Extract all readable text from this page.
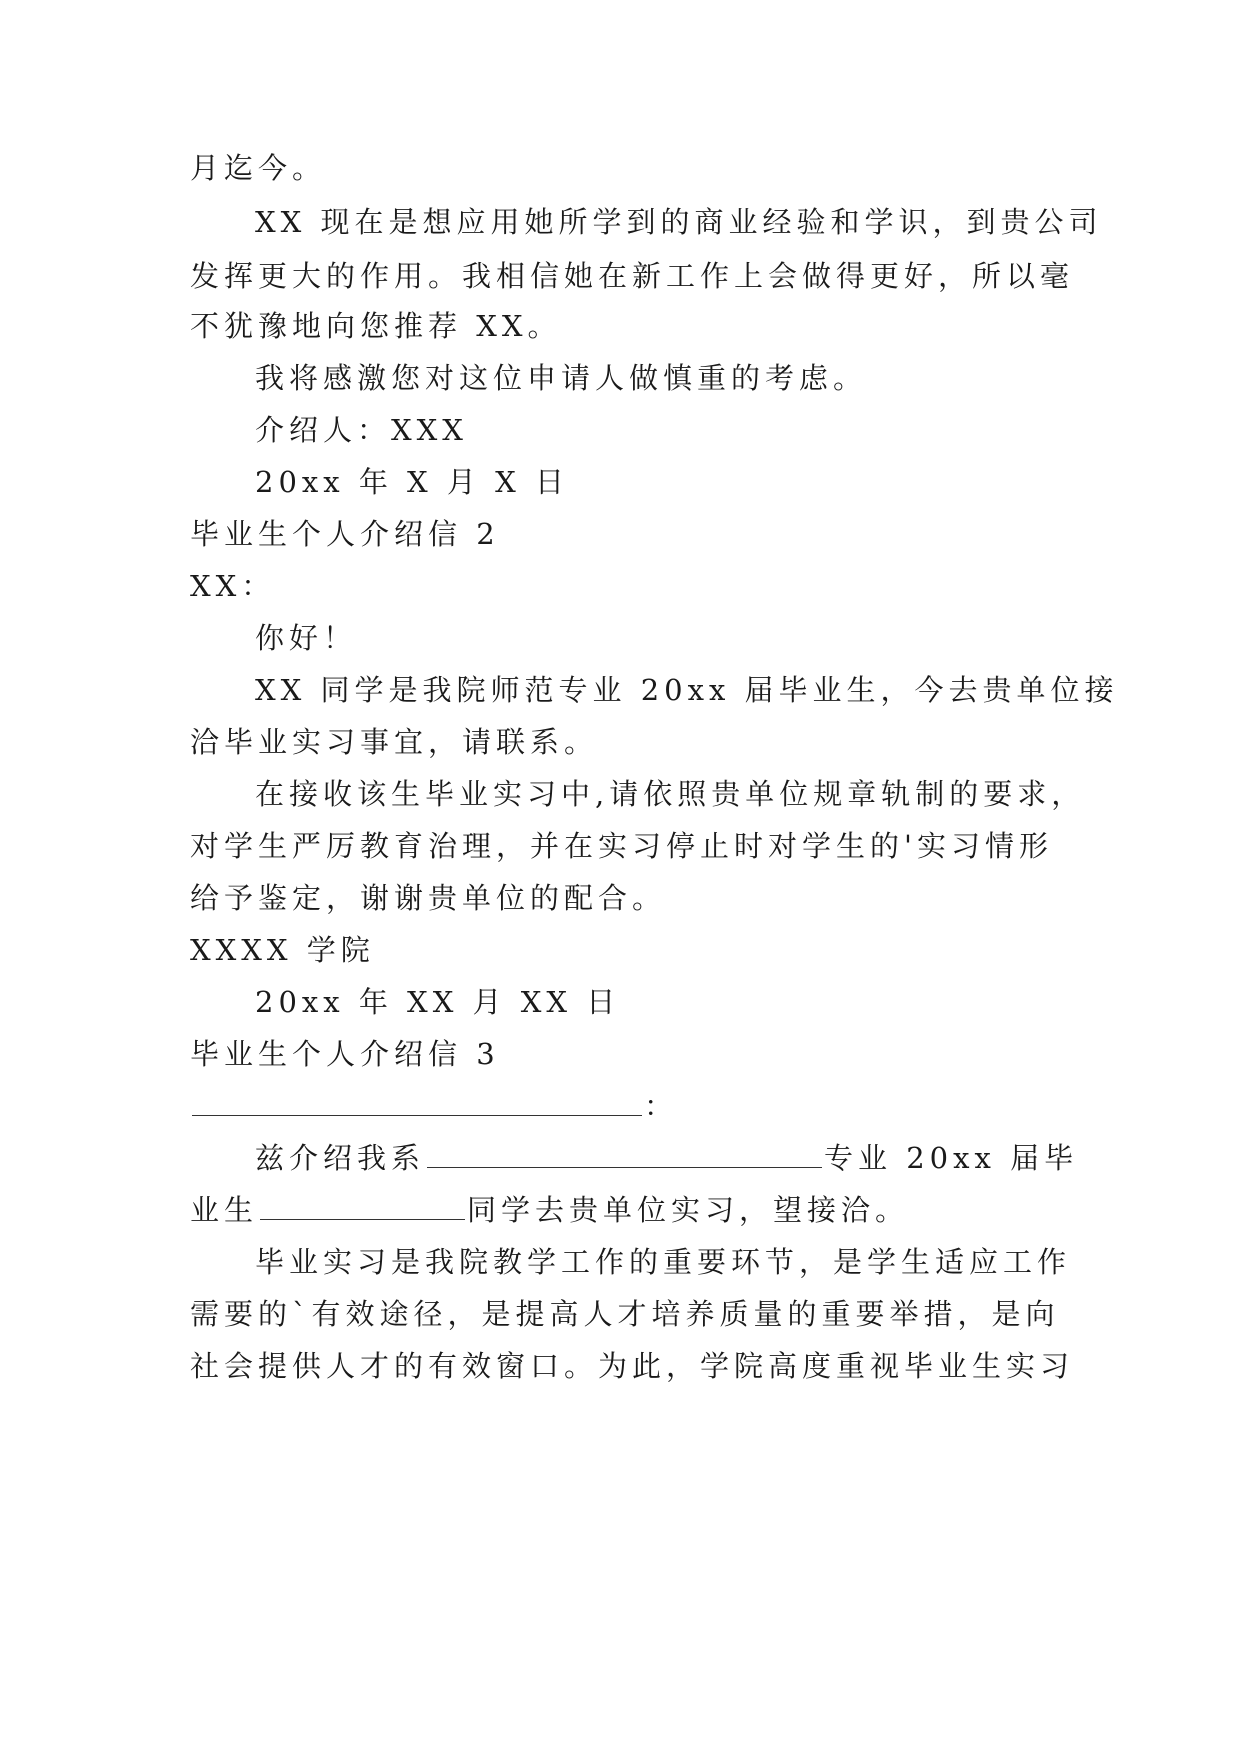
月迄今。
XX 现在是想应用她所学到的商业经验和学识，到贵公司
发挥更大的作用。我相信她在新工作上会做得更好，所以毫
不犹豫地向您推荐 XX。
我将感激您对这位申请人做慎重的考虑。
介绍人：XXX
20xx 年 X 月 X 日
毕业生个人介绍信 2
XX：
你好！
XX 同学是我院师范专业 20xx 届毕业生，今去贵单位接
洽毕业实习事宜，请联系。
在接收该生毕业实习中,请依照贵单位规章轨制的要求，
对学生严厉教育治理，并在实习停止时对学生的'实习情形
给予鉴定，谢谢贵单位的配合。
XXXX 学院
20xx 年 XX 月 XX 日
毕业生个人介绍信 3
：
兹介绍我系	专业 20xx 届毕
业生	同学去贵单位实习，望接洽。
毕业实习是我院教学工作的重要环节，是学生适应工作
需要的`有效途径，是提高人才培养质量的重要举措，是向
社会提供人才的有效窗口。为此，学院高度重视毕业生实习
